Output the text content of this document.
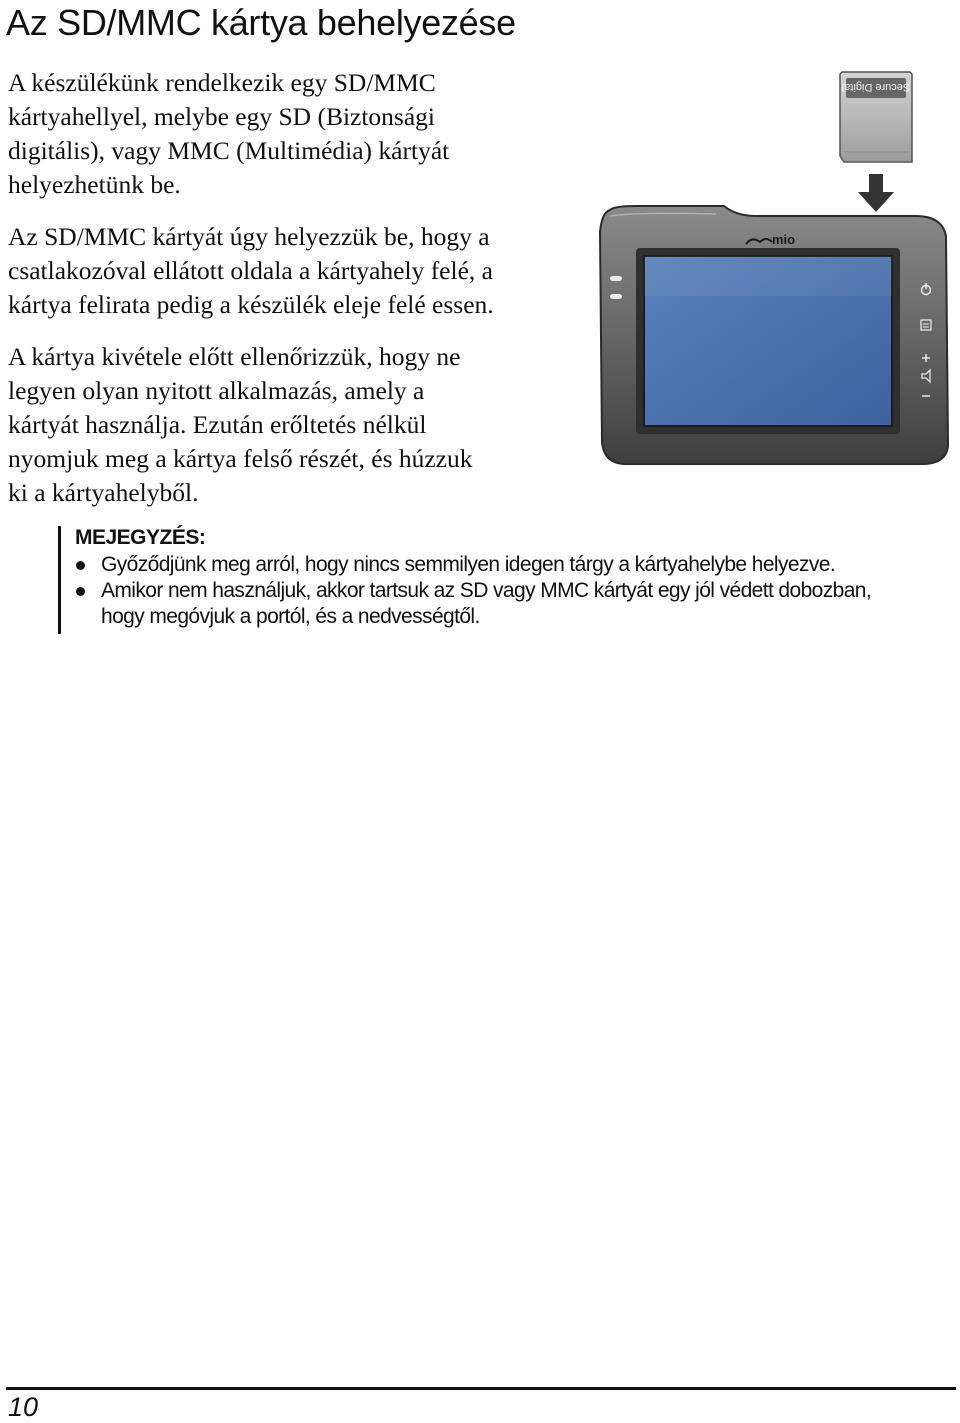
Az SD/MMC kártya behelyezése
A készülékünk rendelkezik egy SD/MMC
kártyahellyel, melybe egy SD (Biztonsági
digitális), vagy MMC (Multimédia) kártyát
helyezhetünk be.
Az SD/MMC kártyát úgy helyezzük be, hogy a
csatlakozóval ellátott oldala a kártyahely felé, a
kártya felirata pedig a készülék eleje felé essen.
A kártya kivétele előtt ellenőrizzük, hogy ne
legyen olyan nyitott alkalmazás, amely a
kártyát használja. Ezután erőltetés nélkül
nyomjuk meg a kártya felső részét, és húzzuk
ki a kártyahelyből.
Secure Digital
mio
MEJEGYZÉS:
Győződjünk meg arról, hogy nincs semmilyen idegen tárgy a kártyahelybe helyezve.
Amikor nem használjuk, akkor tartsuk az SD vagy MMC kártyát egy jól védett dobozban,
hogy megóvjuk a portól, és a nedvességtől.
10
